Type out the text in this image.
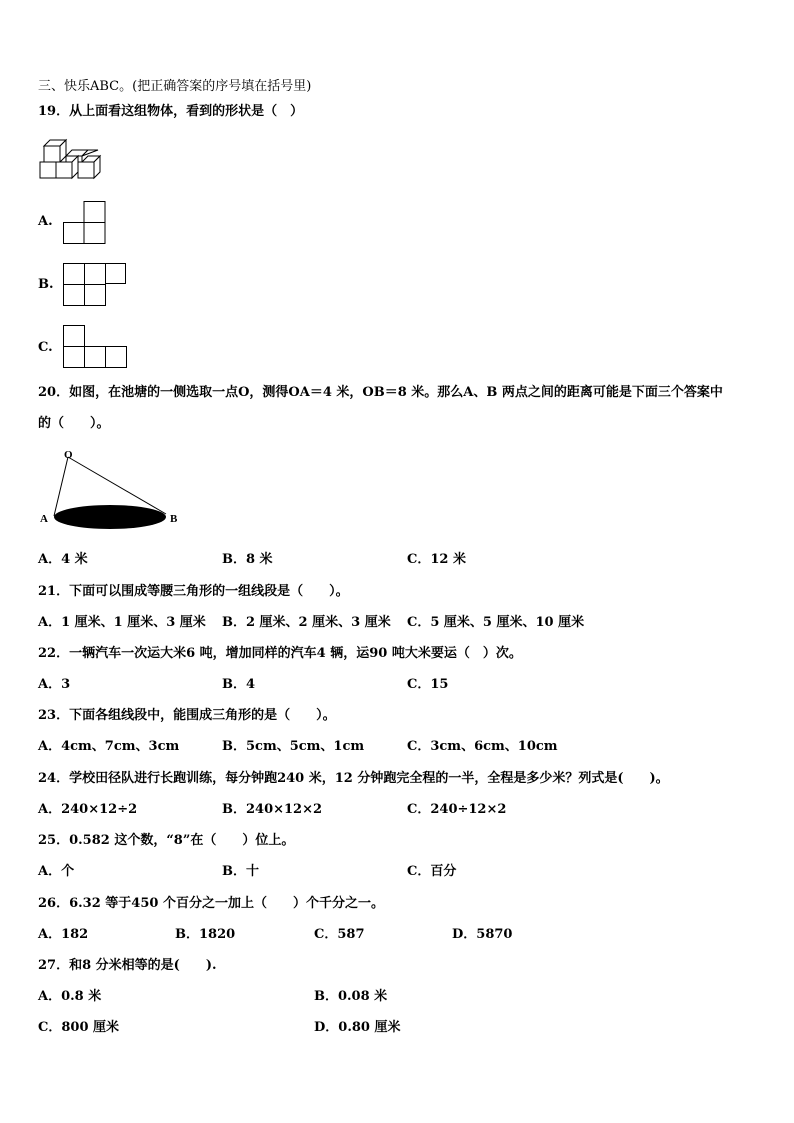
三、快乐ABC。(把正确答案的序号填在括号里)
19．从上面看这组物体，看到的形状是（　）
A.
B.
C.
20．如图，在池塘的一侧选取一点O，测得OA＝4 米，OB＝8 米。那么A、B 两点之间的距离可能是下面三个答案中
的（　　）。
O
A	B
A．4 米	B．8 米	C．12 米
21．下面可以围成等腰三角形的一组线段是（　　）。
A．1 厘米、1 厘米、3 厘米 B．2 厘米、2 厘米、3 厘米 C．5 厘米、5 厘米、10 厘米
22．一辆汽车一次运大米6 吨，增加同样的汽车4 辆，运90 吨大米要运（　）次。
A．3	B．4	C．15
23．下面各组线段中，能围成三角形的是（　　）。
A．4cm、7cm、3cm	B．5cm、5cm、1cm	C．3cm、6cm、10cm
24．学校田径队进行长跑训练，每分钟跑240 米，12 分钟跑完全程的一半，全程是多少米？列式是(　　)。
A．240×12÷2	B．240×12×2	C．240÷12×2
25．0.582 这个数，“8”在（　　）位上。
A．个	B．十	C．百分
26．6.32 等于450 个百分之一加上（　　）个千分之一。
A．182	B．1820	C．587	D．5870
27．和8 分米相等的是(　　).
A．0.8 米	B．0.08 米
C．800 厘米	D．0.80 厘米
